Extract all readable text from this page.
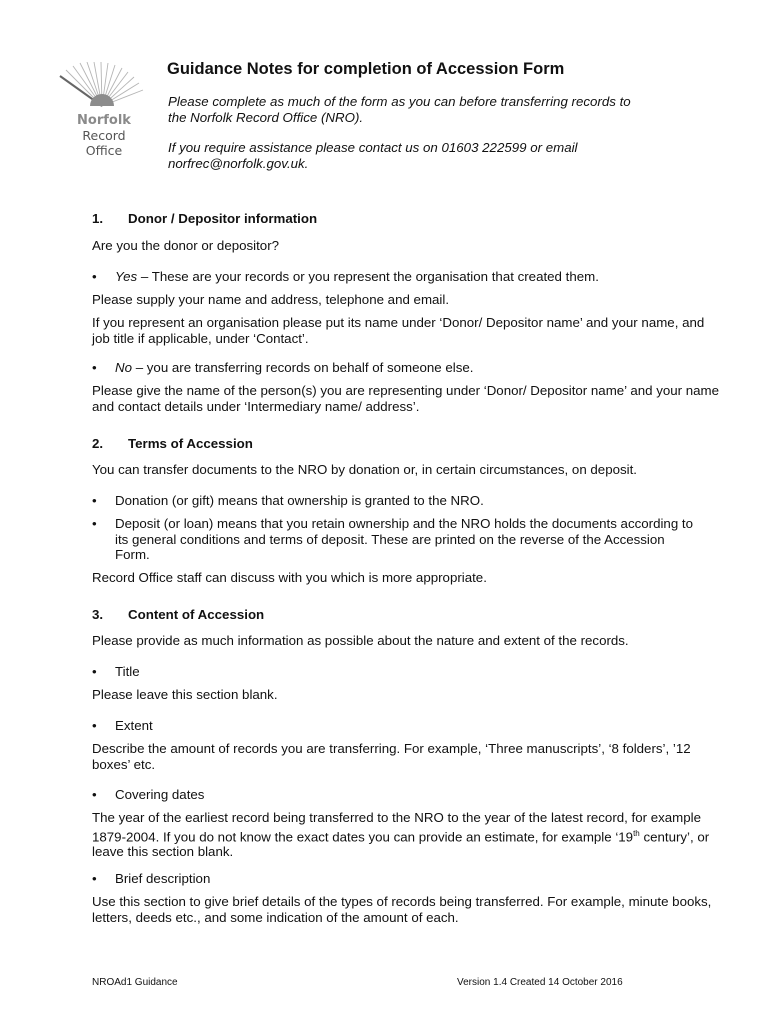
Norfolk
Record
Office
Guidance Notes for completion of Accession Form
Please complete as much of the form as you can before transferring records to
the Norfolk Record Office (NRO).
If you require assistance please contact us on 01603 222599 or email
norfrec@norfolk.gov.uk.
1. Donor / Depositor information
Are you the donor or depositor?
• Yes – These are your records or you represent the organisation that created them.
Please supply your name and address, telephone and email.
If you represent an organisation please put its name under ‘Donor/ Depositor name’ and your name, and job title if applicable, under ‘Contact’.
• No – you are transferring records on behalf of someone else.
Please give the name of the person(s) you are representing under ‘Donor/ Depositor name’ and your name and contact details under ‘Intermediary name/ address’.
2. Terms of Accession
You can transfer documents to the NRO by donation or, in certain circumstances, on deposit.
• Donation (or gift) means that ownership is granted to the NRO.
• Deposit (or loan) means that you retain ownership and the NRO holds the documents according to its general conditions and terms of deposit. These are printed on the reverse of the Accession Form.
Record Office staff can discuss with you which is more appropriate.
3. Content of Accession
Please provide as much information as possible about the nature and extent of the records.
• Title
Please leave this section blank.
• Extent
Describe the amount of records you are transferring. For example, ‘Three manuscripts’, ‘8 folders’, ’12 boxes’ etc.
• Covering dates
The year of the earliest record being transferred to the NRO to the year of the latest record, for example 1879-2004. If you do not know the exact dates you can provide an estimate, for example ‘19th century’, or leave this section blank.
• Brief description
Use this section to give brief details of the types of records being transferred. For example, minute books, letters, deeds etc., and some indication of the amount of each.
NROAd1 Guidance	Version 1.4 Created 14 October 2016
